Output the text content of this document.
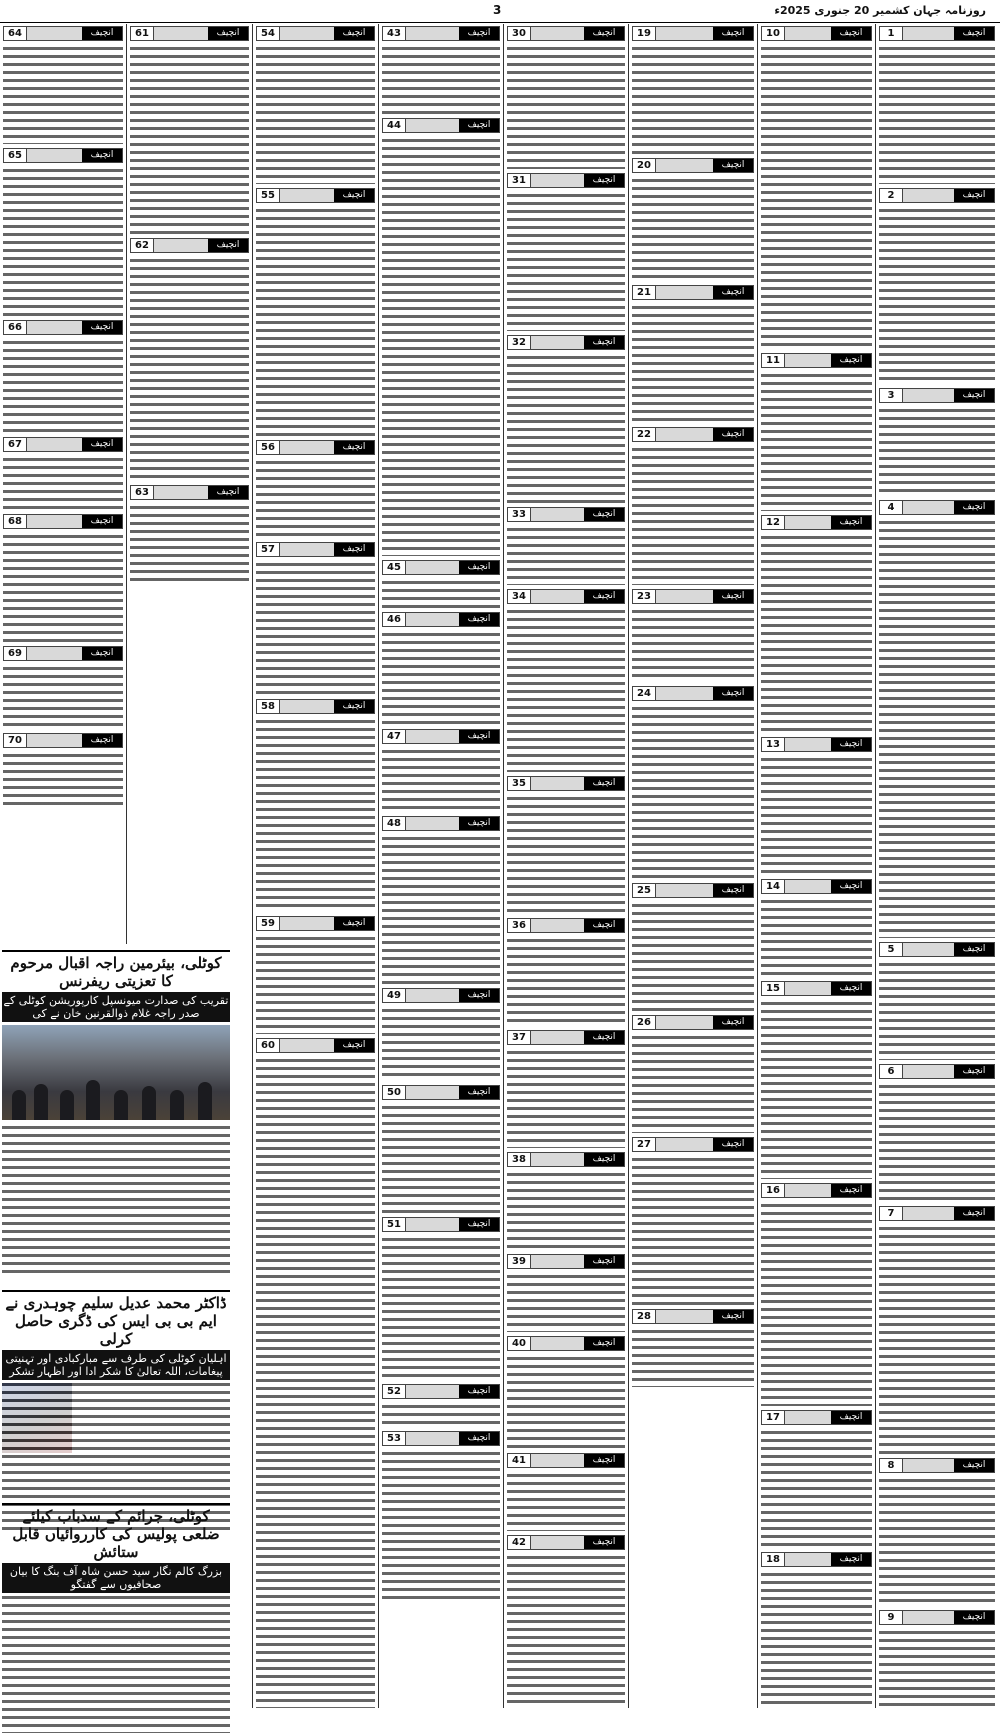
3	روزنامہ جہان کشمیر 20 جنوری 2025ء
1	انچیف
2	انچیف
3	انچیف
4	انچیف
5	انچیف
6	انچیف
7	انچیف
8	انچیف
9	انچیف
10	انچیف
11	انچیف
12	انچیف
13	انچیف
14	انچیف
15	انچیف
16	انچیف
17	انچیف
18	انچیف
19	انچیف
20	انچیف
21	انچیف
22	انچیف
23	انچیف
24	انچیف
25	انچیف
26	انچیف
27	انچیف
28	انچیف
30	انچیف
31	انچیف
32	انچیف
33	انچیف
34	انچیف
35	انچیف
36	انچیف
37	انچیف
38	انچیف
39	انچیف
40	انچیف
41	انچیف
42	انچیف
43	انچیف
44	انچیف
45	انچیف
46	انچیف
47	انچیف
48	انچیف
49	انچیف
50	انچیف
51	انچیف
52	انچیف
53	انچیف
54	انچیف
55	انچیف
56	انچیف
57	انچیف
58	انچیف
59	انچیف
60	انچیف
61	انچیف
62	انچیف
63	انچیف
64	انچیف
65	انچیف
66	انچیف
67	انچیف
68	انچیف
69	انچیف
70	انچیف
کوٹلی، بیئرمین راجہ اقبال مرحوم کا تعزیتی ریفرنس
تقریب کی صدارت میونسپل کارپوریشن کوٹلی کے صدر راجہ غلام ذوالقرنین خان نے کی
ڈاکٹر محمد عدیل سلیم چوہدری نے ایم بی بی ایس کی ڈگری حاصل کرلی
اہلیان کوٹلی کی طرف سے مبارکبادی اور تہنیتی پیغامات، اللہ تعالیٰ کا شکر ادا اور اظہار تشکر
کوٹلی، جرائم کے سدباب کیلئے ضلعی پولیس کی کارروائیاں قابل ستائش
بزرگ کالم نگار سید حسن شاہ آف بنگ کا بیان صحافیوں سے گفتگو
